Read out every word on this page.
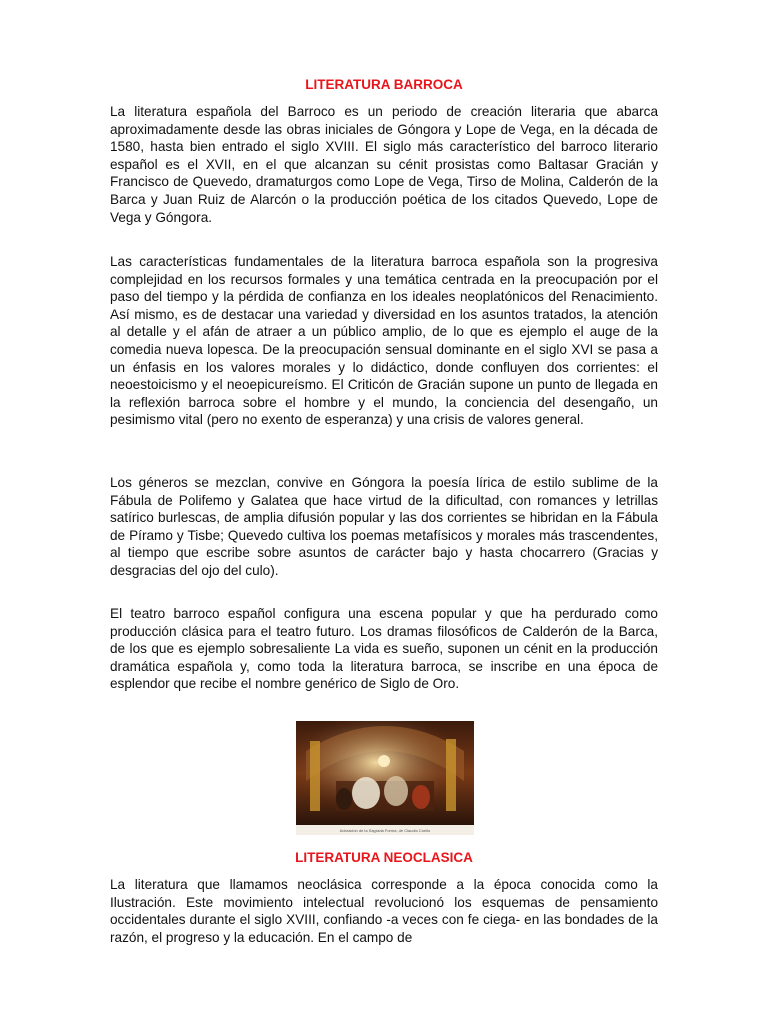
LITERATURA BARROCA

La literatura española del Barroco es un periodo de creación literaria que abarca aproximadamente desde las obras iniciales de Góngora y Lope de Vega, en la década de 1580, hasta bien entrado el siglo XVIII. El siglo más característico del barroco literario español es el XVII, en el que alcanzan su cénit prosistas como Baltasar Gracián y Francisco de Quevedo, dramaturgos como Lope de Vega, Tirso de Molina, Calderón de la Barca y Juan Ruiz de Alarcón o la producción poética de los citados Quevedo, Lope de Vega y Góngora.

Las características fundamentales de la literatura barroca española son la progresiva complejidad en los recursos formales y una temática centrada en la preocupación por el paso del tiempo y la pérdida de confianza en los ideales neoplatónicos del Renacimiento. Así mismo, es de destacar una variedad y diversidad en los asuntos tratados, la atención al detalle y el afán de atraer a un público amplio, de lo que es ejemplo el auge de la comedia nueva lopesca. De la preocupación sensual dominante en el siglo XVI se pasa a un énfasis en los valores morales y lo didáctico, donde confluyen dos corrientes: el neoestoicismo y el neoepicureísmo. El Criticón de Gracián supone un punto de llegada en la reflexión barroca sobre el hombre y el mundo, la conciencia del desengaño, un pesimismo vital (pero no exento de esperanza) y una crisis de valores general.

Los géneros se mezclan, convive en Góngora la poesía lírica de estilo sublime de la Fábula de Polifemo y Galatea que hace virtud de la dificultad, con romances y letrillas satírico burlescas, de amplia difusión popular y las dos corrientes se hibridan en la Fábula de Píramo y Tisbe; Quevedo cultiva los poemas metafísicos y morales más trascendentes, al tiempo que escribe sobre asuntos de carácter bajo y hasta chocarrero (Gracias y desgracias del ojo del culo).

El teatro barroco español configura una escena popular y que ha perdurado como producción clásica para el teatro futuro. Los dramas filosóficos de Calderón de la Barca, de los que es ejemplo sobresaliente La vida es sueño, suponen un cénit en la producción dramática española y, como toda la literatura barroca, se inscribe en una época de esplendor que recibe el nombre genérico de Siglo de Oro.

Adoración de la Sagrada Forma, de Claudio Coello
LITERATURA NEOCLASICA

La literatura que llamamos neoclásica corresponde a la época conocida como la Ilustración. Este movimiento intelectual revolucionó los esquemas de pensamiento occidentales durante el siglo XVIII, confiando -a veces con fe ciega- en las bondades de la razón, el progreso y la educación. En el campo de
